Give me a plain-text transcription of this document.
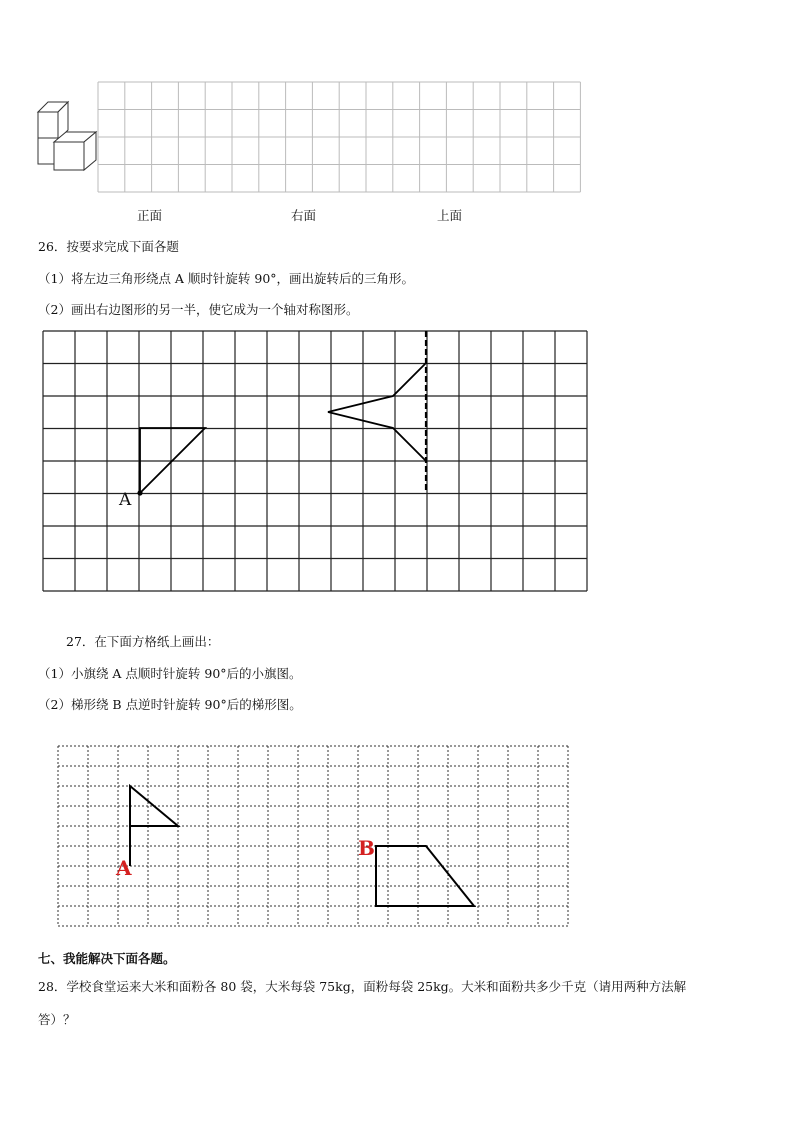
正面	右面	上面
26．按要求完成下面各题
（1）将左边三角形绕点 A 顺时针旋转 90°，画出旋转后的三角形。
（2）画出右边图形的另一半，使它成为一个轴对称图形。
A
27．在下面方格纸上画出：
（1）小旗绕 A 点顺时针旋转 90°后的小旗图。
（2）梯形绕 B 点逆时针旋转 90°后的梯形图。
A
B
七、我能解决下面各题。
28．学校食堂运来大米和面粉各 80 袋，大米每袋 75kg，面粉每袋 25kg。大米和面粉共多少千克（请用两种方法解
答）？
